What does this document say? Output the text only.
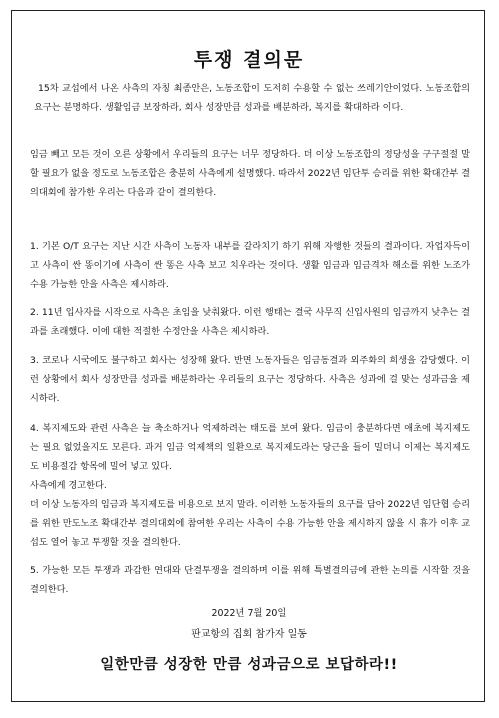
투쟁 결의문
15차 교섭에서 나온 사측의 자칭 최종안은, 노동조합이 도저히 수용할 수 없는 쓰레기안이었다. 노동조합의 요구는 분명하다. 생활임금 보장하라, 회사 성장만큼 성과를 배분하라, 복지를 확대하라 이다.
임금 빼고 모든 것이 오른 상황에서 우리들의 요구는 너무 정당하다. 더 이상 노동조합의 정당성을 구구절절 말할 필요가 없을 정도로 노동조합은 충분히 사측에게 설명했다. 따라서 2022년 임단투 승리를 위한 확대간부 결의대회에 참가한 우리는 다음과 같이 결의한다.
1. 기본 O/T 요구는 지난 시간 사측이 노동자 내부를 갈라치기 하기 위해 자행한 것들의 결과이다. 자업자득이고 사측이 싼 똥이기에 사측이 싼 똥은 사측 보고 치우라는 것이다. 생활 임금과 임금격차 해소를 위한 노조가 수용 가능한 안을 사측은 제시하라.
2. 11년 입사자를 시작으로 사측은 초임을 낮춰왔다. 이런 행태는 결국 사무직 신입사원의 임금까지 낮추는 결과를 초래했다. 이에 대한 적절한 수정안을 사측은 제시하라.
3. 코로나 시국에도 불구하고 회사는 성장해 왔다. 반면 노동자들은 임금동결과 외주화의 희생을 감당했다. 이런 상황에서 회사 성장만큼 성과를 배분하라는 우리들의 요구는 정당하다. 사측은 성과에 걸 맞는 성과금을 제시하라.

4. 복지제도와 관련 사측은 늘 축소하거나 억제하려는 태도를 보여 왔다. 임금이 충분하다면 애초에 복지제도는 필요 없었을지도 모른다. 과거 임금 억제책의 일환으로 복지제도라는 당근을 들이 밀더니 이제는 복지제도도 비용절감 항목에 밀어 넣고 있다.

사측에게 경고한다.

더 이상 노동자의 임금과 복지제도를 비용으로 보지 말라. 이러한 노동자들의 요구를 담아 2022년 임단협 승리를 위한 만도노조 확대간부 결의대회에 참여한 우리는 사측이 수용 가능한 안을 제시하지 않을 시 휴가 이후 교섭도 열어 놓고 투쟁할 것을 결의한다.

5. 가능한 모든 투쟁과 과감한 연대와 단결투쟁을 결의하며 이를 위해 특별결의금에 관한 논의를 시작할 것을 결의한다.
2022년 7월 20일
판교항의 집회 참가자 일동
일한만큼 성장한 만큼 성과금으로 보답하라!!
